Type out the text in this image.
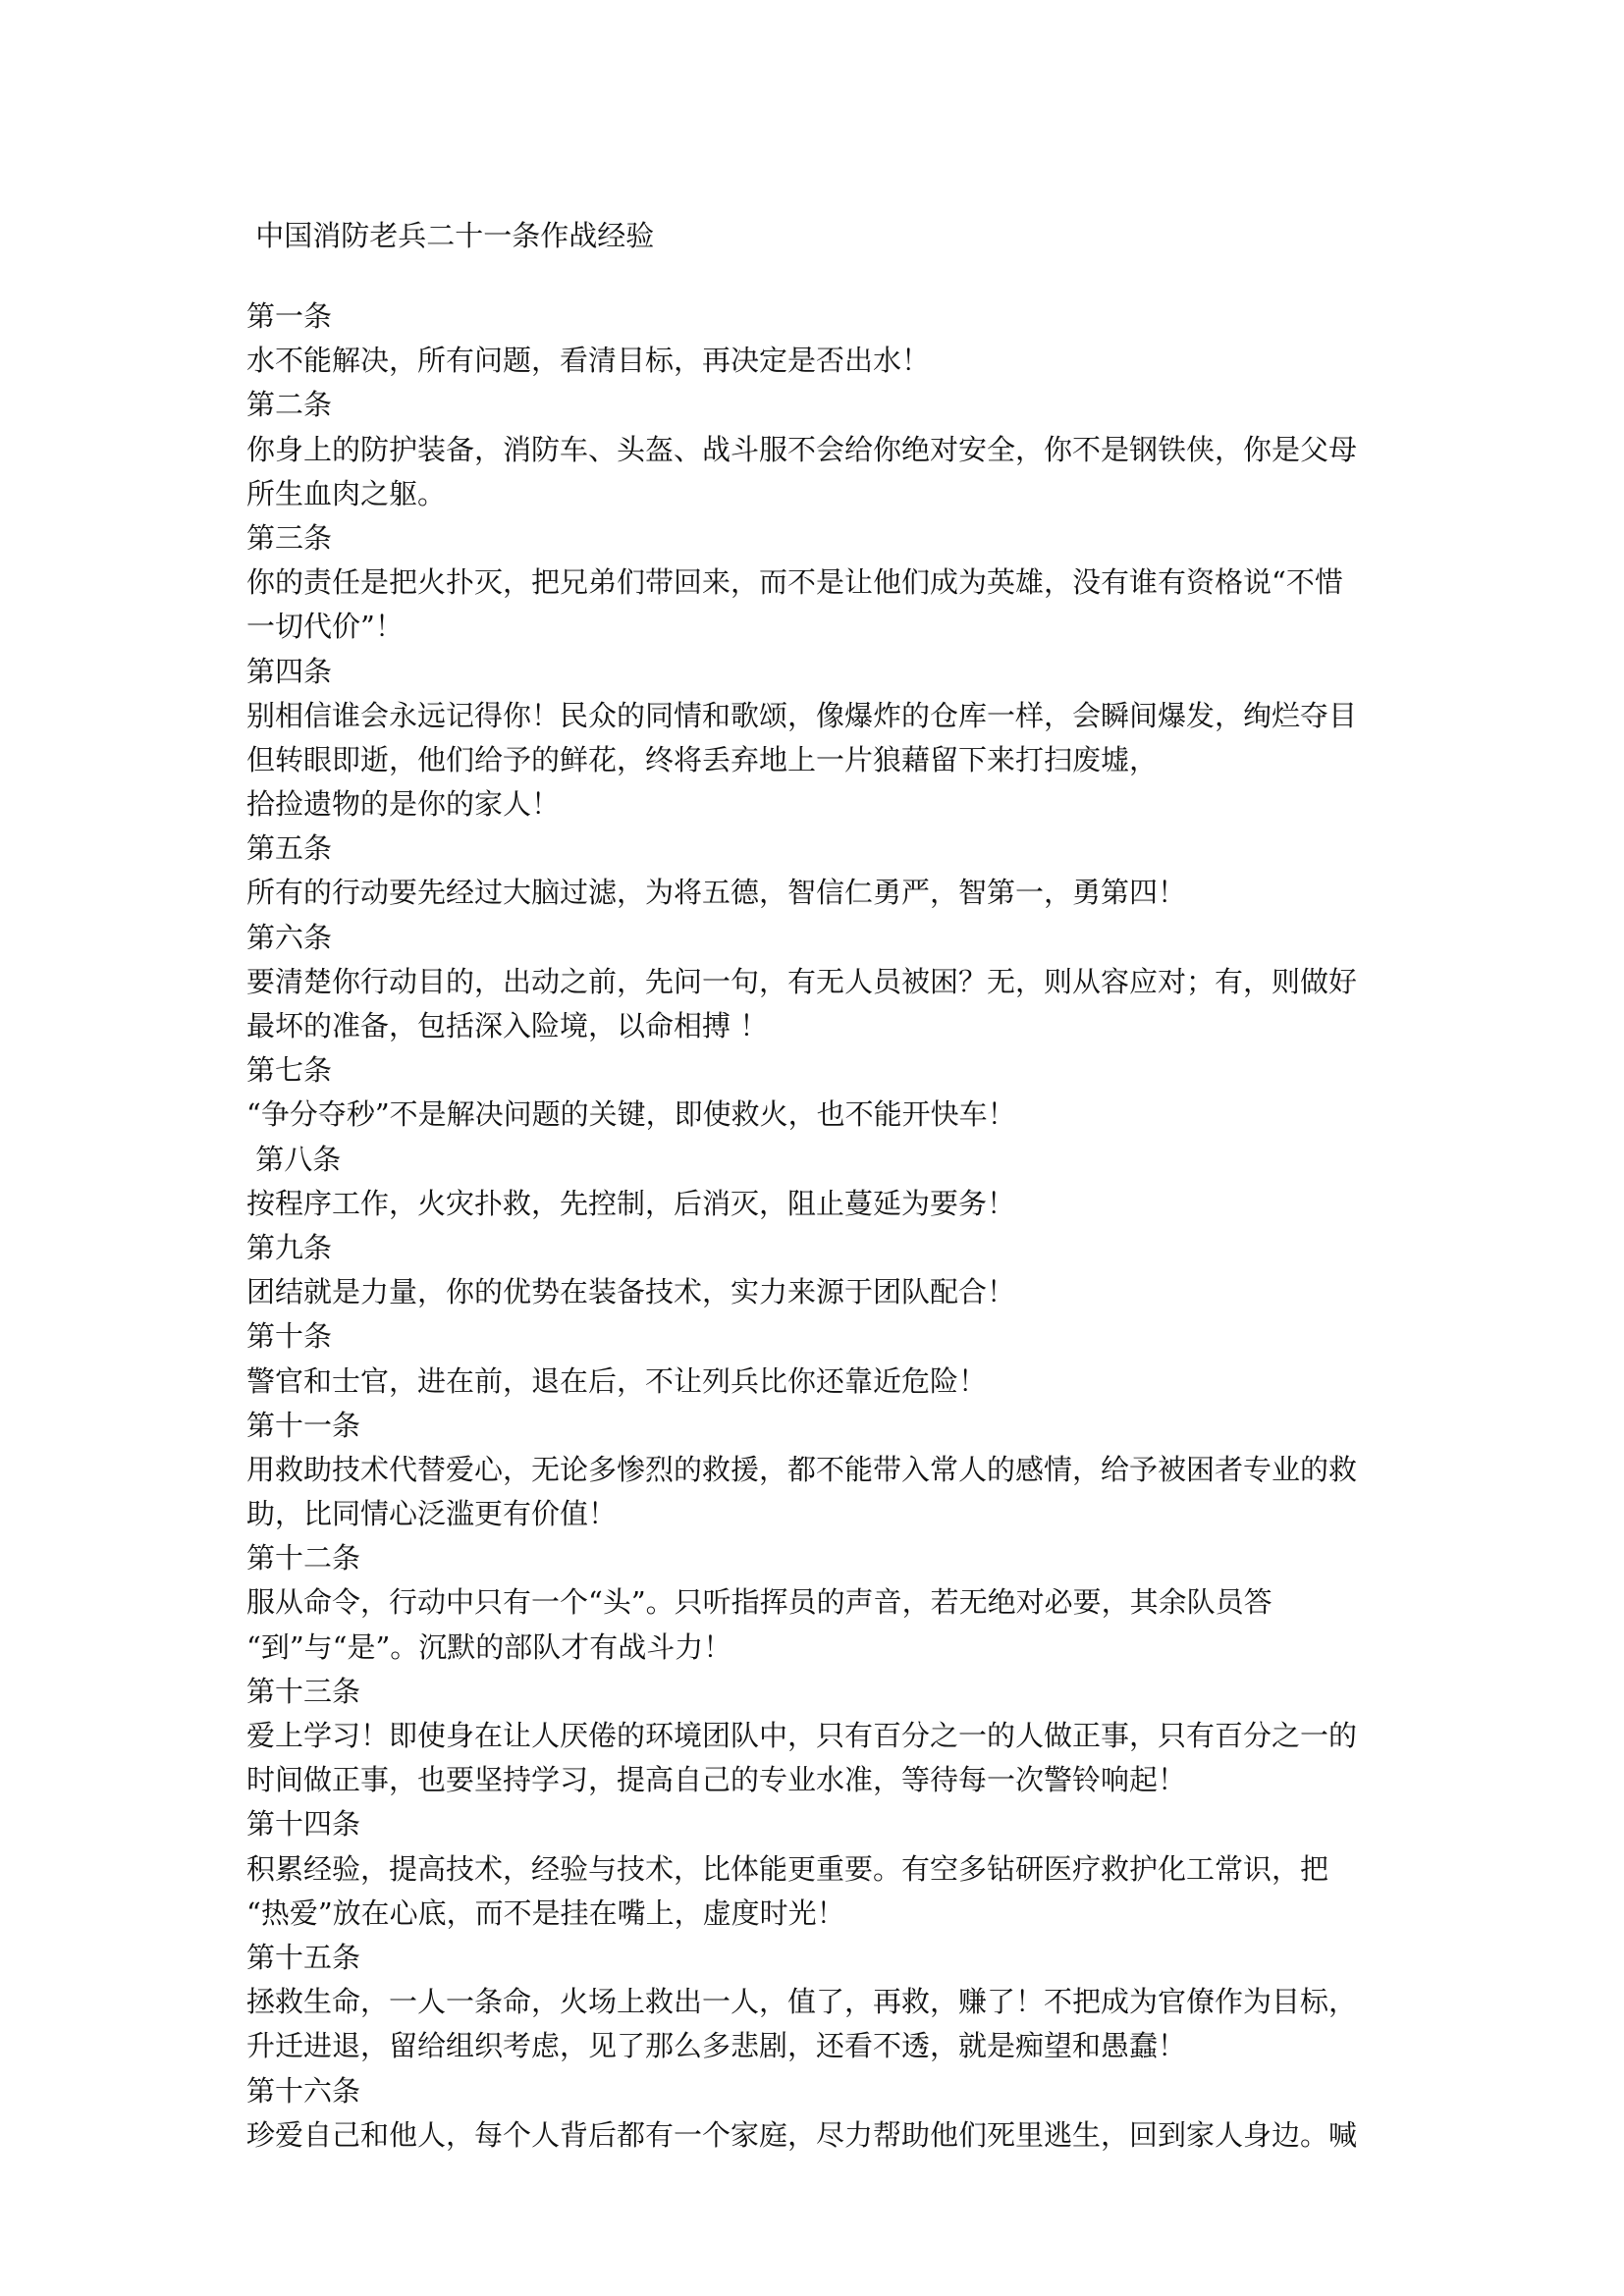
中国消防老兵二十一条作战经验
第一条
水不能解决，所有问题，看清目标，再决定是否出水！
第二条
你身上的防护装备，消防车、头盔、战斗服不会给你绝对安全，你不是钢铁侠，你是父母
所生血肉之躯。
第三条
你的责任是把火扑灭，把兄弟们带回来，而不是让他们成为英雄，没有谁有资格说“不惜
一切代价”！
第四条
别相信谁会永远记得你！民众的同情和歌颂，像爆炸的仓库一样，会瞬间爆发，绚烂夺目
但转眼即逝，他们给予的鲜花，终将丢弃地上一片狼藉留下来打扫废墟，
拾捡遗物的是你的家人！
第五条
所有的行动要先经过大脑过滤，为将五德，智信仁勇严，智第一，勇第四！
第六条
要清楚你行动目的，出动之前，先问一句，有无人员被困？无，则从容应对；有，则做好
最坏的准备，包括深入险境，以命相搏 ！
第七条
“争分夺秒”不是解决问题的关键，即使救火，也不能开快车！
第八条
按程序工作，火灾扑救，先控制，后消灭，阻止蔓延为要务！
第九条
团结就是力量，你的优势在装备技术，实力来源于团队配合！
第十条
警官和士官，进在前，退在后，不让列兵比你还靠近危险！
第十一条
用救助技术代替爱心，无论多惨烈的救援，都不能带入常人的感情，给予被困者专业的救
助，比同情心泛滥更有价值！
第十二条
服从命令，行动中只有一个“头”。只听指挥员的声音，若无绝对必要，其余队员答
“到”与“是”。沉默的部队才有战斗力！
第十三条
爱上学习！即使身在让人厌倦的环境团队中，只有百分之一的人做正事，只有百分之一的
时间做正事，也要坚持学习，提高自己的专业水准，等待每一次警铃响起！
第十四条
积累经验，提高技术，经验与技术，比体能更重要。有空多钻研医疗救护化工常识，把
“热爱”放在心底，而不是挂在嘴上，虚度时光！
第十五条
拯救生命，一人一条命，火场上救出一人，值了，再救，赚了！不把成为官僚作为目标，
升迁进退，留给组织考虑，见了那么多悲剧，还看不透，就是痴望和愚蠢！
第十六条
珍爱自己和他人，每个人背后都有一个家庭，尽力帮助他们死里逃生，回到家人身边。喊
